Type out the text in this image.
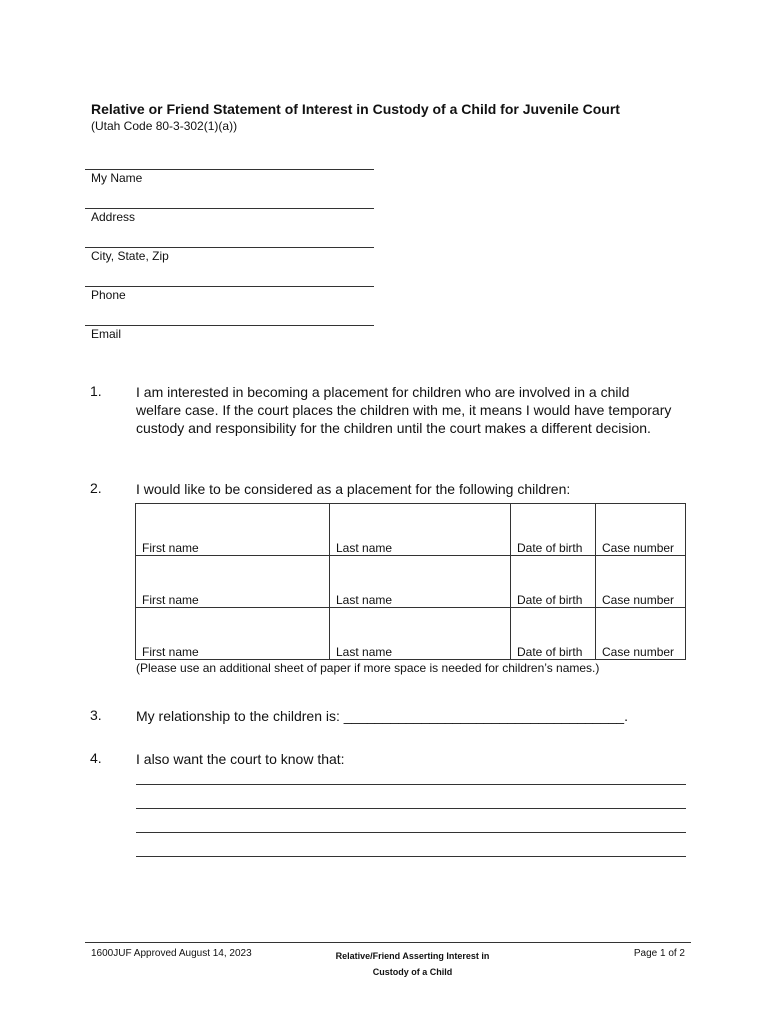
Relative or Friend Statement of Interest in Custody of a Child for Juvenile Court
(Utah Code 80-3-302(1)(a))
My Name
Address
City, State, Zip
Phone
Email
1. I am interested in becoming a placement for children who are involved in a child welfare case. If the court places the children with me, it means I would have temporary custody and responsibility for the children until the court makes a different decision.
2. I would like to be considered as a placement for the following children:
First name	Last name	Date of birth	Case number
First name	Last name	Date of birth	Case number
First name	Last name	Date of birth	Case number
(Please use an additional sheet of paper if more space is needed for children’s names.)
3. My relationship to the children is: ____________________________________.
4. I also want the court to know that:
1600JUF Approved August 14, 2023	Relative/Friend Asserting Interest in
Custody of a Child
Page 1 of 2
